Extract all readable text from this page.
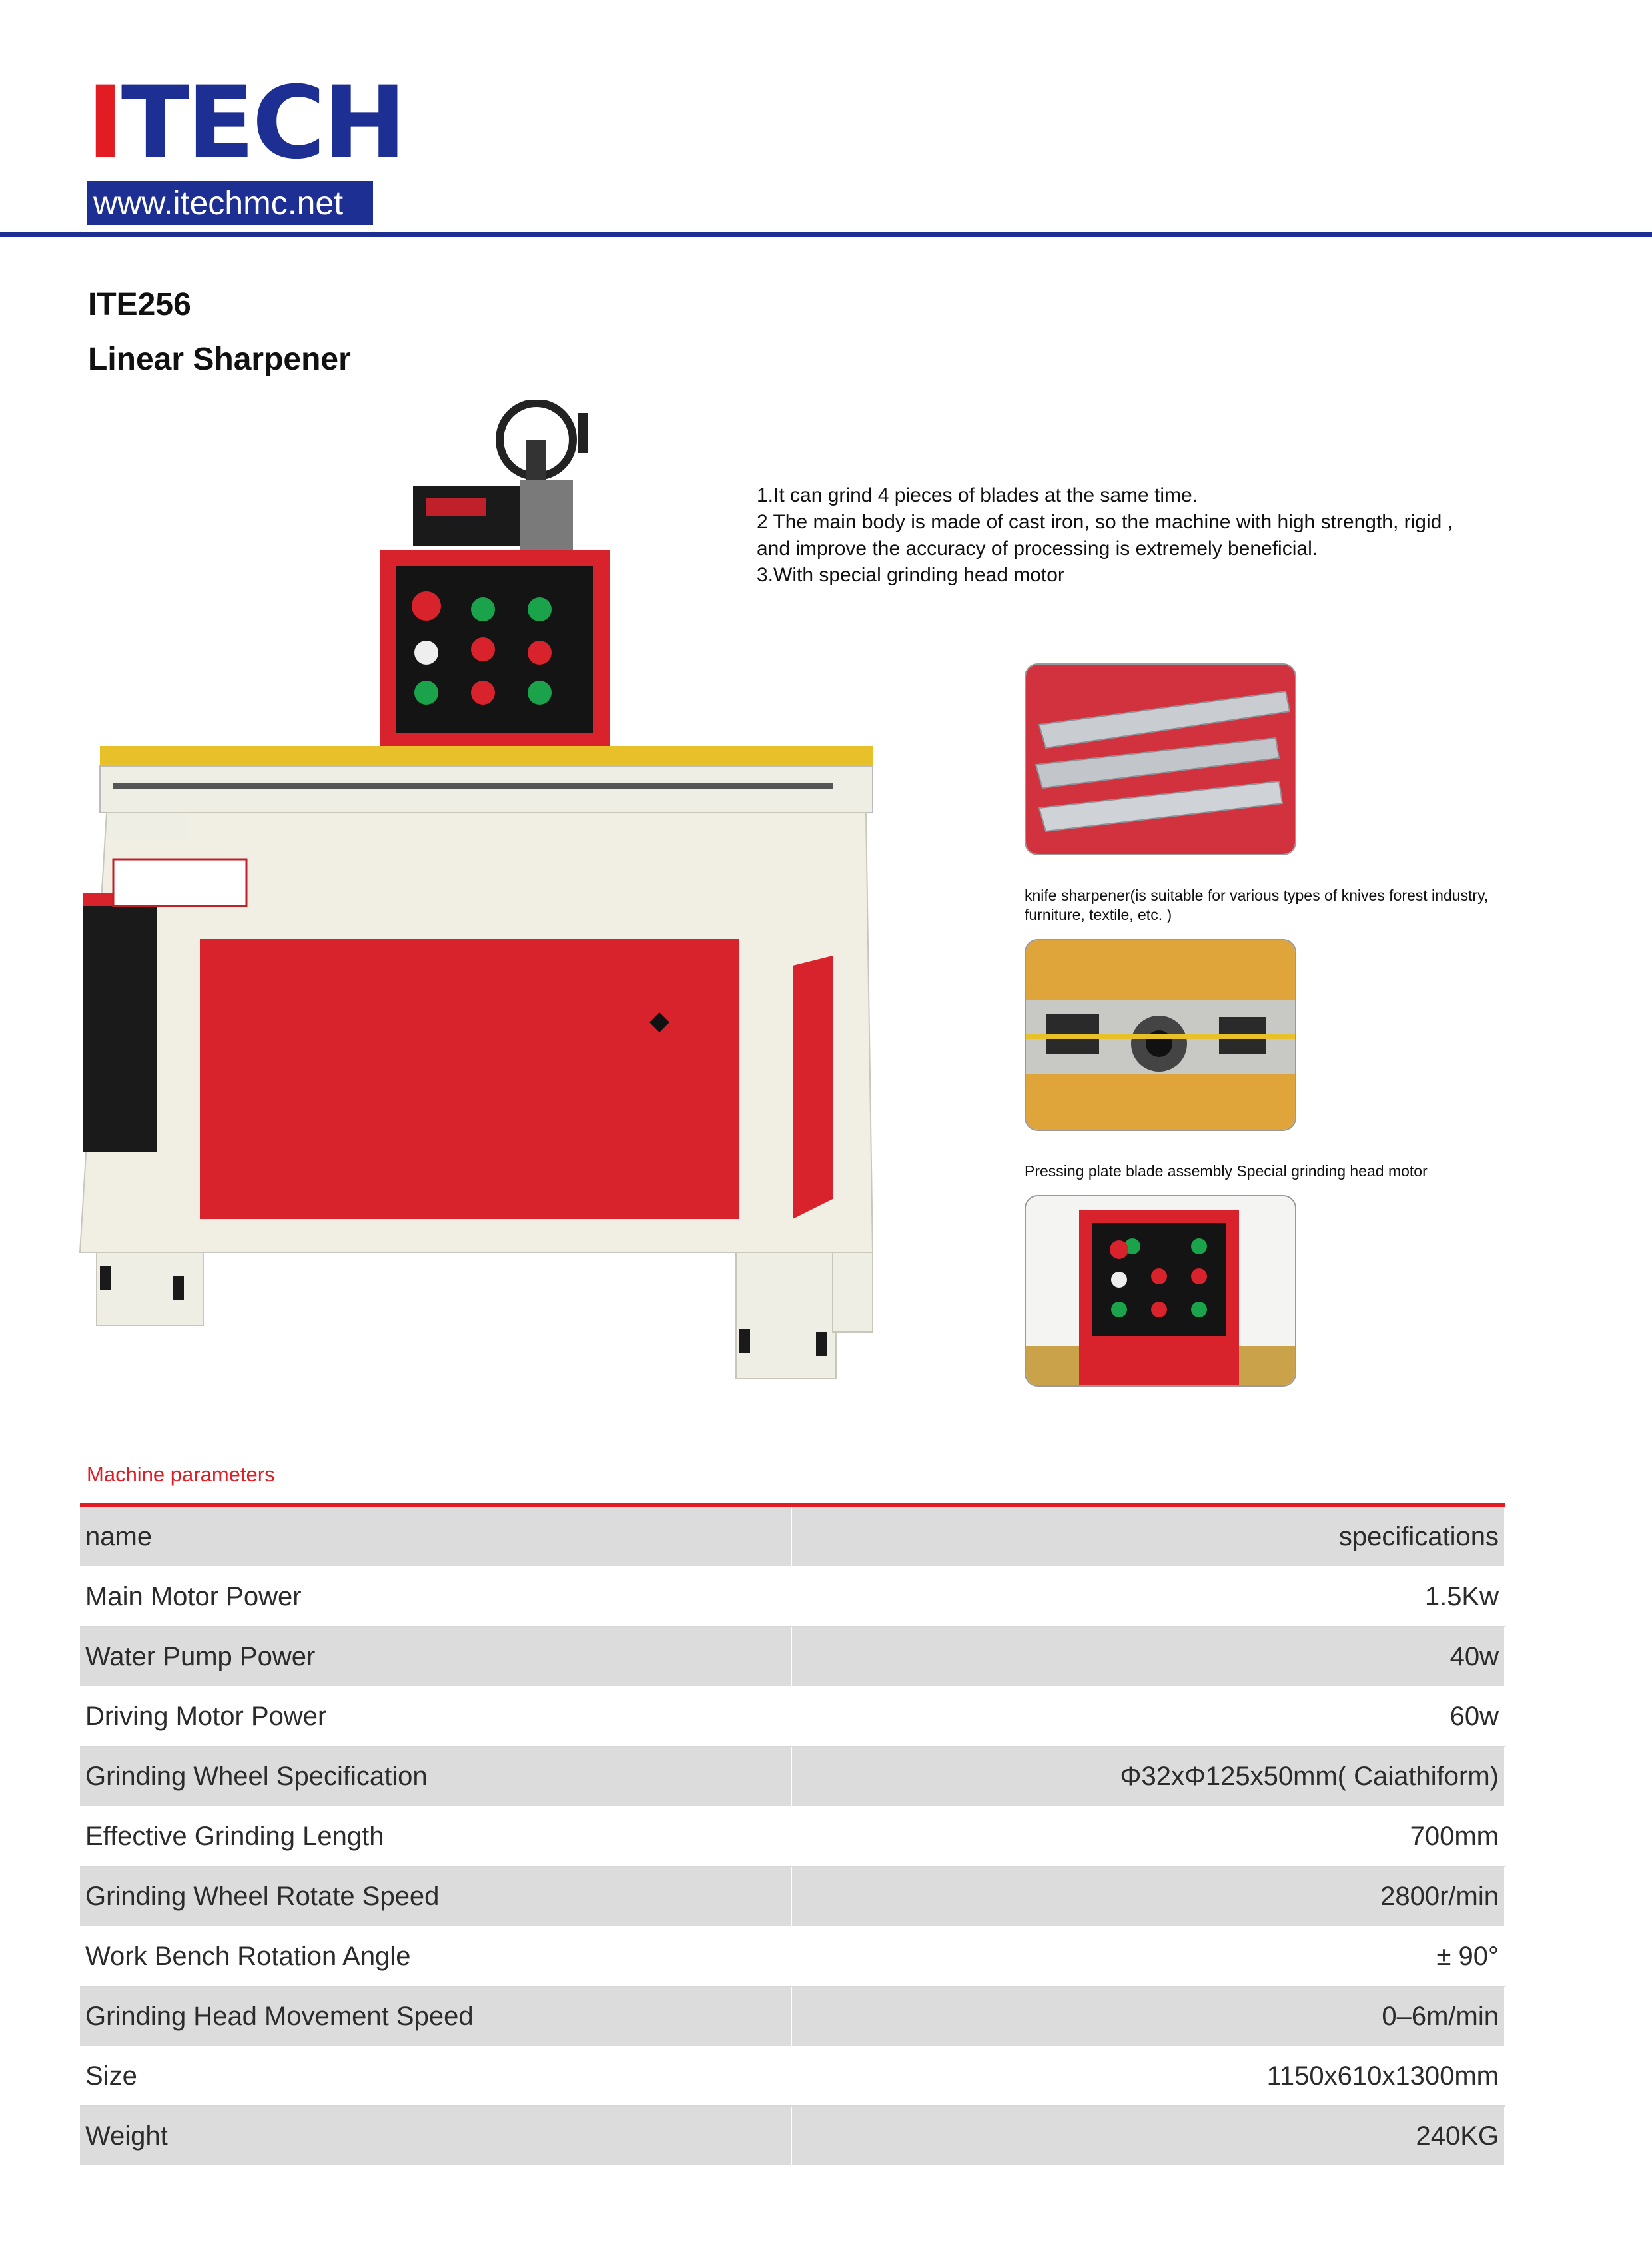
ITECH
www.itechmc.net
ITE256
Linear Sharpener
1.It can grind 4 pieces of blades at the same time.
2 The main body is made of cast iron, so the machine with high strength, rigid ,
and improve the accuracy of processing is extremely beneficial.
3.With special grinding head motor
knife sharpener(is suitable for various types of knives forest industry, furniture, textile, etc. )
Pressing plate blade assembly Special grinding head motor
Machine parameters
name	specifications
Main Motor Power	1.5Kw
Water Pump Power	40w
Driving Motor Power	60w
Grinding Wheel Specification	Φ32xΦ125x50mm( Caiathiform)
Effective Grinding Length	700mm
Grinding Wheel Rotate Speed	2800r/min
Work Bench Rotation Angle	± 90°
Grinding Head Movement Speed	0–6m/min
Size	1150x610x1300mm
Weight	240KG
